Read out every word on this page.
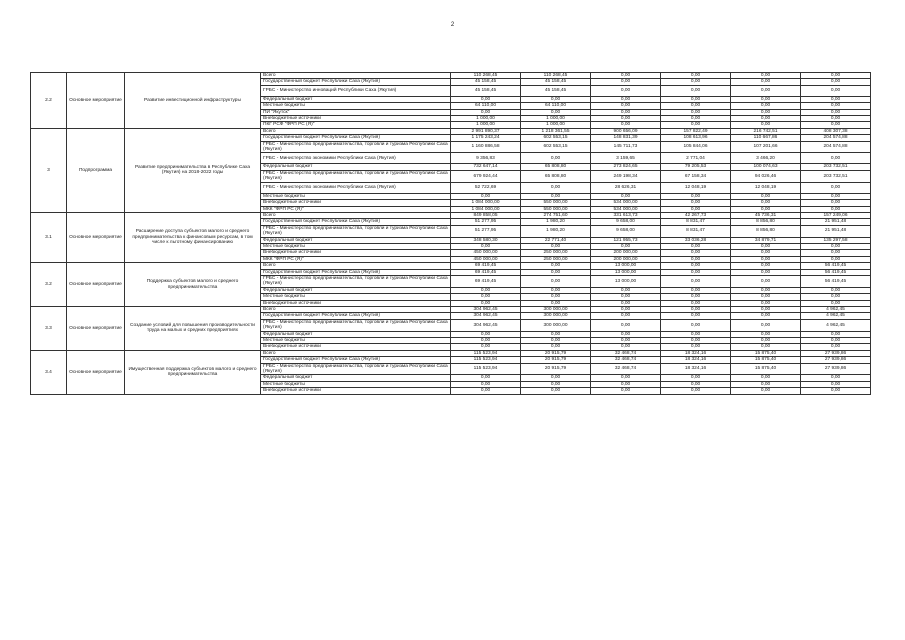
2
2.2	Основное мероприятие	Развитие инвестиционной инфраструктуры	Всего	110 268,45	110 268,45	0,00	0,00	0,00	0,00
			Государственный бюджет Республики Саха (Якутия)	45 158,45	45 158,45	0,00	0,00	0,00	0,00
			ГРБС - Министерство инноваций Республики Саха (Якутия)	45 158,45	45 158,45	0,00	0,00	0,00	0,00
			Федеральный бюджет	0,00	0,00	0,00	0,00	0,00	0,00
			Местные бюджеты	64 110,00	64 110,00	0,00	0,00	0,00	0,00
			ПИ "Якутск"	0,00	0,00	0,00	0,00	0,00	0,00
			Внебюджетные источники	1 000,00	1 000,00	0,00	0,00	0,00	0,00
			ПКГ РСФ "ФРП РС (Я)"	1 000,00	1 000,00	0,00	0,00	0,00	0,00
3	Подпрограмма	Развитие предпринимательства в Республике Саха (Якутия) на 2018-2022 годы	Всего	2 991 890,37	1 218 361,55	900 656,09	157 822,49	216 742,51	408 307,38
			Государственный бюджет Республики Саха (Якутия)	1 175 243,24	602 553,15	148 831,39	108 613,96	110 667,86	204 574,88
			ГРБС - Министерство предпринимательства, торговли и туризма Республики Саха (Якутия)	1 160 886,58	602 553,15	145 711,73	105 844,06	107 201,66	204 574,88
			ГРБС - Министерство экономики Республики Саха (Якутия)	9 356,83	0,00	3 159,65	2 771,04	3 466,20	0,00
			Федеральный бюджет	732 647,14	65 808,80	273 824,65	79 205,53	100 074,63	203 732,51
			ГРБС - Министерство предпринимательства, торговли и туризма Республики Саха (Якутия)	679 924,44	65 808,80	249 198,34	67 158,34	94 026,46	203 732,51
			ГРБС - Министерство экономики Республики Саха (Якутия)	52 722,69	0,00	28 626,31	12 048,19	12 048,19	0,00
			Местные бюджеты	0,00	0,00	0,00	0,00	0,00	0,00
			Внебюджетные источники	1 084 000,00	550 000,00	534 000,00	0,00	0,00	0,00
			МКК "ФРП РС (Я)"	1 084 000,00	550 000,00	534 000,00	0,00	0,00	0,00
3.1	Основное мероприятие	Расширение доступа субъектов малого и среднего предпринимательства к финансовым ресурсам, в том числе к льготному финансированию	Всего	849 858,05	274 751,60	331 613,73	42 267,73	45 736,31	157 249,06
			Государственный бюджет Республики Саха (Якутия)	51 277,95	1 980,20	9 658,00	8 831,47	8 856,80	21 951,48
			ГРБС - Министерство предпринимательства, торговли и туризма Республики Саха (Якутия)	51 277,95	1 980,20	9 658,00	8 831,47	8 856,80	21 951,48
			Федеральный бюджет	348 580,30	22 771,40	121 955,73	33 036,28	34 879,71	135 297,58
			Местные бюджеты	0,00	0,00	0,00	0,00	0,00	0,00
			Внебюджетные источники	450 000,00	250 000,00	200 000,00	0,00	0,00	0,00
			МКК "ФРП РС (Я)"	450 000,00	250 000,00	200 000,00	0,00	0,00	0,00
3.2	Основное мероприятие	Поддержка субъектов малого и среднего предпринимательства	Всего	69 419,45	0,00	13 000,00	0,00	0,00	56 419,45
			Государственный бюджет Республики Саха (Якутия)	69 419,45	0,00	13 000,00	0,00	0,00	56 419,45
			ГРБС - Министерство предпринимательства, торговли и туризма Республики Саха (Якутия)	69 419,45	0,00	13 000,00	0,00	0,00	56 419,45
			Федеральный бюджет	0,00	0,00	0,00	0,00	0,00	0,00
			Местные бюджеты	0,00	0,00	0,00	0,00	0,00	0,00
			Внебюджетные источники	0,00	0,00	0,00	0,00	0,00	0,00
3.3	Основное мероприятие	Создание условий для повышения производительности труда на малых и средних предприятиях	Всего	304 962,45	300 000,00	0,00	0,00	0,00	4 962,45
			Государственный бюджет Республики Саха (Якутия)	304 962,45	300 000,00	0,00	0,00	0,00	4 962,45
			ГРБС - Министерство предпринимательства, торговли и туризма Республики Саха (Якутия)	304 962,45	300 000,00	0,00	0,00	0,00	4 962,45
			Федеральный бюджет	0,00	0,00	0,00	0,00	0,00	0,00
			Местные бюджеты	0,00	0,00	0,00	0,00	0,00	0,00
			Внебюджетные источники	0,00	0,00	0,00	0,00	0,00	0,00
3.4	Основное мероприятие	Имущественная поддержка субъектов малого и среднего предпринимательства	Всего	115 523,94	20 915,79	32 468,74	18 324,16	15 875,40	27 939,86
			Государственный бюджет Республики Саха (Якутия)	115 523,94	20 915,79	32 468,74	18 324,16	15 875,40	27 939,86
			ГРБС - Министерство предпринимательства, торговли и туризма Республики Саха (Якутия)	115 523,94	20 915,79	32 468,74	18 324,16	15 875,40	27 939,86
			Федеральный бюджет	0,00	0,00	0,00	0,00	0,00	0,00
			Местные бюджеты	0,00	0,00	0,00	0,00	0,00	0,00
			Внебюджетные источники	0,00	0,00	0,00	0,00	0,00	0,00
